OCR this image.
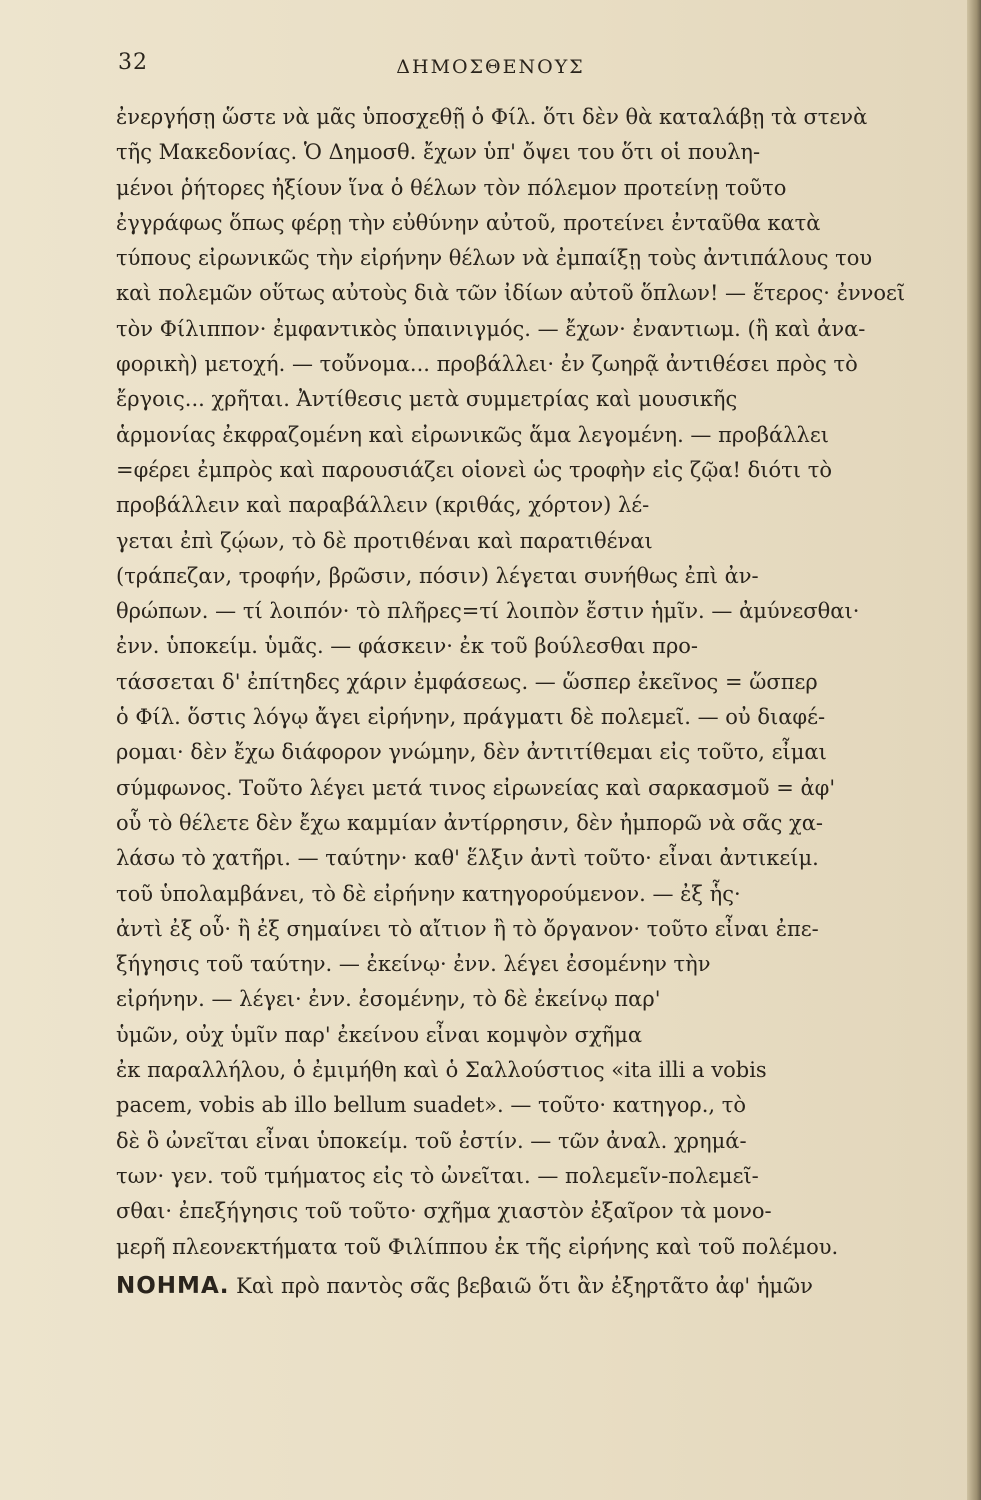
32	ΔΗΜΟΣΘΕΝΟΥΣ
ἐνεργήσῃ ὥστε νὰ μᾶς ὑποσχεθῇ ὁ Φίλ. ὅτι δὲν θὰ καταλάβῃ τὰ στενὰ
τῆς Μακεδονίας. Ὁ Δημοσθ. ἔχων ὑπ' ὄψει του ὅτι οἱ πουλη-
μένοι ῥήτορες ἠξίουν ἵνα ὁ θέλων τὸν πόλεμον προτείνῃ τοῦτο
ἐγγράφως ὅπως φέρῃ τὴν εὐθύνην αὐτοῦ, προτείνει ἐνταῦθα κατὰ
τύπους εἰρωνικῶς τὴν εἰρήνην θέλων νὰ ἐμπαίξῃ τοὺς ἀντιπάλους του
καὶ πολεμῶν οὕτως αὐτοὺς διὰ τῶν ἰδίων αὐτοῦ ὅπλων! — ἕτερος· ἐννοεῖ
τὸν Φίλιππον· ἐμφαντικὸς ὑπαινιγμός. — ἔχων· ἐναντιωμ. (ἢ καὶ ἀνα-
φορικὴ) μετοχή. — τοὔνομα... προβάλλει· ἐν ζωηρᾷ ἀντιθέσει πρὸς τὸ
ἔργοις... χρῆται. Ἀντίθεσις μετὰ συμμετρίας καὶ μουσικῆς
ἁρμονίας ἐκφραζομένη καὶ εἰρωνικῶς ἅμα λεγομένη. — προβάλλει
=φέρει ἐμπρὸς καὶ παρουσιάζει οἱονεὶ ὡς τροφὴν εἰς ζῷα! διότι τὸ
προβάλλειν καὶ παραβάλλειν (κριθάς, χόρτον) λέ-
γεται ἐπὶ ζῴων, τὸ δὲ προτιθέναι καὶ παρατιθέναι
(τράπεζαν, τροφήν, βρῶσιν, πόσιν) λέγεται συνήθως ἐπὶ ἀν-
θρώπων. — τί λοιπόν· τὸ πλῆρες=τί λοιπὸν ἔστιν ἡμῖν. — ἀμύνεσθαι·
ἐνν. ὑποκείμ. ὑμᾶς. — φάσκειν· ἐκ τοῦ βούλεσθαι προ-
τάσσεται δ' ἐπίτηδες χάριν ἐμφάσεως. — ὥσπερ ἐκεῖνος = ὥσπερ
ὁ Φίλ. ὅστις λόγῳ ἄγει εἰρήνην, πράγματι δὲ πολεμεῖ. — οὐ διαφέ-
ρομαι· δὲν ἔχω διάφορον γνώμην, δὲν ἀντιτίθεμαι εἰς τοῦτο, εἶμαι
σύμφωνος. Τοῦτο λέγει μετά τινος εἰρωνείας καὶ σαρκασμοῦ = ἀφ'
οὗ τὸ θέλετε δὲν ἔχω καμμίαν ἀντίρρησιν, δὲν ἠμπορῶ νὰ σᾶς χα-
λάσω τὸ χατῆρι. — ταύτην· καθ' ἕλξιν ἀντὶ τοῦτο· εἶναι ἀντικείμ.
τοῦ ὑπολαμβάνει, τὸ δὲ εἰρήνην κατηγορούμενον. — ἐξ ἧς·
ἀντὶ ἐξ οὗ· ἢ ἐξ σημαίνει τὸ αἴτιον ἢ τὸ ὄργανον· τοῦτο εἶναι ἐπε-
ξήγησις τοῦ ταύτην. — ἐκείνῳ· ἐνν. λέγει ἐσομένην τὴν
εἰρήνην. — λέγει· ἐνν. ἐσομένην, τὸ δὲ ἐκείνῳ παρ'
ὑμῶν, οὐχ ὑμῖν παρ' ἐκείνου εἶναι κομψὸν σχῆμα
ἐκ παραλλήλου, ὁ ἐμιμήθη καὶ ὁ Σαλλούστιος «ita illi a vobis
pacem, vobis ab illo bellum suadet». — τοῦτο· κατηγορ., τὸ
δὲ ὃ ὠνεῖται εἶναι ὑποκείμ. τοῦ ἐστίν. — τῶν ἀναλ. χρημά-
των· γεν. τοῦ τμήματος εἰς τὸ ὠνεῖται. — πολεμεῖν-πολεμεῖ-
σθαι· ἐπεξήγησις τοῦ τοῦτο· σχῆμα χιαστὸν ἐξαῖρον τὰ μονο-
μερῆ πλεονεκτήματα τοῦ Φιλίππου ἐκ τῆς εἰρήνης καὶ τοῦ πολέμου.
ΝΟΗΜΑ. Καὶ πρὸ παντὸς σᾶς βεβαιῶ ὅτι ἂν ἐξηρτᾶτο ἀφ' ἡμῶν
